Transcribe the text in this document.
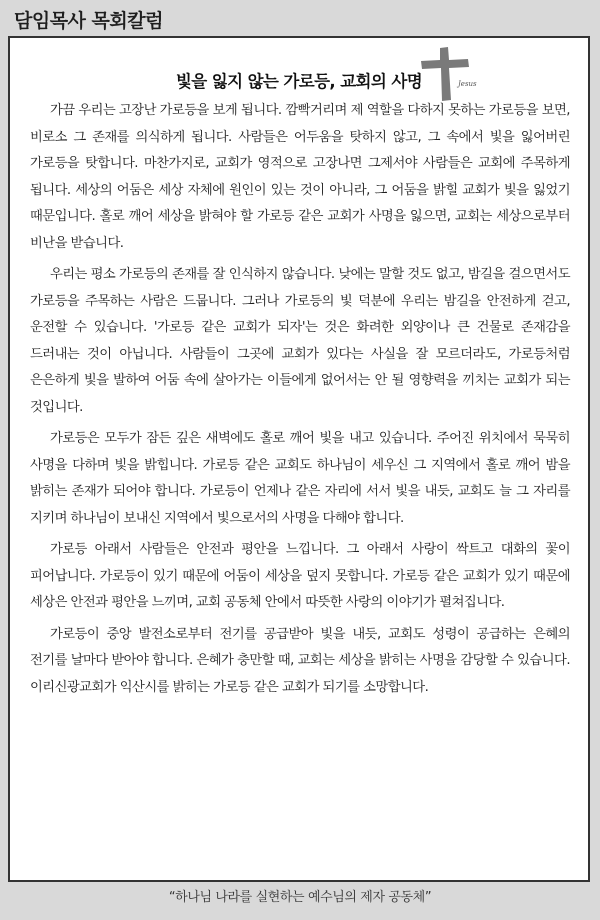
담임목사 목회칼럼
빛을 잃지 않는 가로등, 교회의 사명	Jesus

가끔 우리는 고장난 가로등을 보게 됩니다. 깜빡거리며 제 역할을 다하지 못하는 가로등을 보면, 비로소 그 존재를 의식하게 됩니다. 사람들은 어두움을 탓하지 않고, 그 속에서 빛을 잃어버린 가로등을 탓합니다. 마찬가지로, 교회가 영적으로 고장나면 그제서야 사람들은 교회에 주목하게 됩니다. 세상의 어둠은 세상 자체에 원인이 있는 것이 아니라, 그 어둠을 밝힐 교회가 빛을 잃었기 때문입니다. 홀로 깨어 세상을 밝혀야 할 가로등 같은 교회가 사명을 잃으면, 교회는 세상으로부터 비난을 받습니다.

우리는 평소 가로등의 존재를 잘 인식하지 않습니다. 낮에는 말할 것도 없고, 밤길을 걸으면서도 가로등을 주목하는 사람은 드뭅니다. 그러나 가로등의 빛 덕분에 우리는 밤길을 안전하게 걷고, 운전할 수 있습니다. '가로등 같은 교회가 되자'는 것은 화려한 외양이나 큰 건물로 존재감을 드러내는 것이 아닙니다. 사람들이 그곳에 교회가 있다는 사실을 잘 모르더라도, 가로등처럼 은은하게 빛을 발하여 어둠 속에 살아가는 이들에게 없어서는 안 될 영향력을 끼치는 교회가 되는 것입니다.

가로등은 모두가 잠든 깊은 새벽에도 홀로 깨어 빛을 내고 있습니다. 주어진 위치에서 묵묵히 사명을 다하며 빛을 밝힙니다. 가로등 같은 교회도 하나님이 세우신 그 지역에서 홀로 깨어 밤을 밝히는 존재가 되어야 합니다. 가로등이 언제나 같은 자리에 서서 빛을 내듯, 교회도 늘 그 자리를 지키며 하나님이 보내신 지역에서 빛으로서의 사명을 다해야 합니다.

가로등 아래서 사람들은 안전과 평안을 느낍니다. 그 아래서 사랑이 싹트고 대화의 꽃이 피어납니다. 가로등이 있기 때문에 어둠이 세상을 덮지 못합니다. 가로등 같은 교회가 있기 때문에 세상은 안전과 평안을 느끼며, 교회 공동체 안에서 따뜻한 사랑의 이야기가 펼쳐집니다.

가로등이 중앙 발전소로부터 전기를 공급받아 빛을 내듯, 교회도 성령이 공급하는 은혜의 전기를 날마다 받아야 합니다. 은혜가 충만할 때, 교회는 세상을 밝히는 사명을 감당할 수 있습니다. 이리신광교회가 익산시를 밝히는 가로등 같은 교회가 되기를 소망합니다.

“하나님 나라를 실현하는 예수님의 제자 공동체”
